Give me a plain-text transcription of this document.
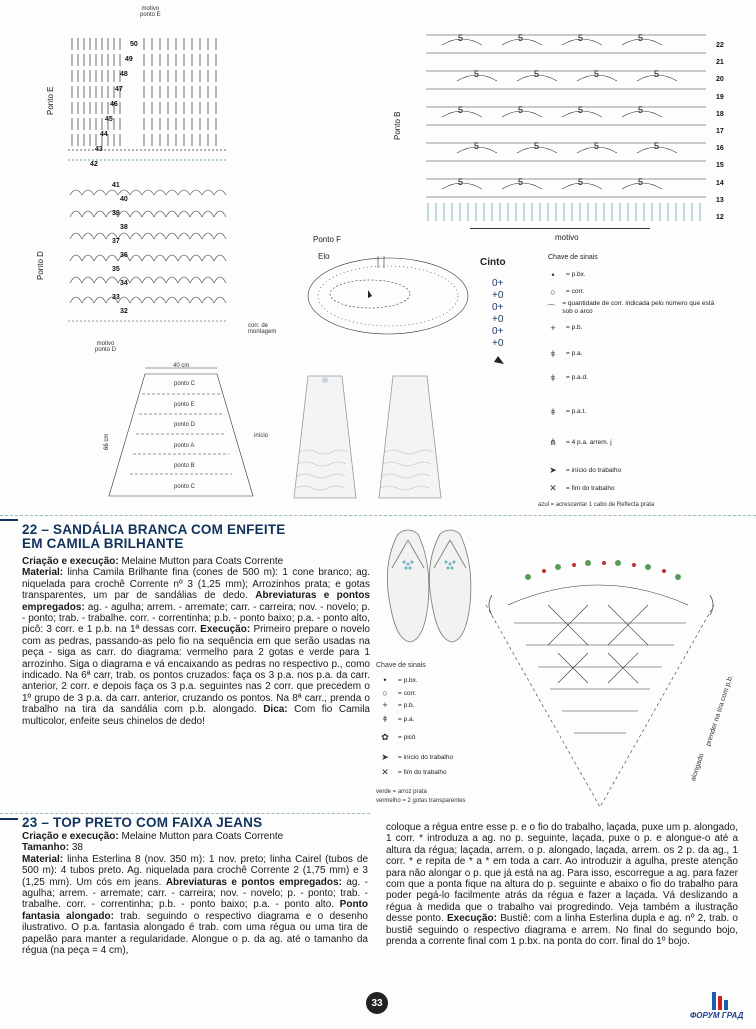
motivo
ponto E
Ponto E
50
49
48
47
46
45
44
43
42
Ponto D
41
40
39
38
37
36
35
34
33
32
corr. de
montagem
motivo
ponto D
5	5	5	5
5	5	5	5
5	5	5	5
5	5	5	5
5	5	5	5
Ponto B
22
21
20
19
18
17
16
15
14
13
12
motivo
Ponto F
Elo
Cinto
0+
+0
0+
+0
0+
+0
Chave de sinais
•	= p.bx.
○	= corr.
⌒	= quantidade de corr. indicada pelo número que está sob o arco
+	= p.b.
ǂ	= p.a.
ǂ	= p.a.d.
ǂ	= p.a.t.
⋔	= 4 p.a. arrem. j
➤	= início do trabalho
✕	= fim do trabalho
azul = acrescentar 1 cabo de Reflecta prata
40 cm
66 cm
ponto C
ponto E
ponto D
ponto A
ponto B
ponto C
início
22 – SANDÁLIA BRANCA COM ENFEITE
EM CAMILA BRILHANTE
Criação e execução: Melaine Mutton para Coats Corrente
Material: linha Camila Brilhante fina (cones de 500 m): 1 cone branco; ag. niquelada para crochê Corrente nº 3 (1,25 mm); Arrozinhos prata; e gotas transparentes, um par de sandálias de dedo. Abreviaturas e pontos empregados: ag. - agulha; arrem. - arremate; carr. - carreira; nov. - novelo; p. - ponto; trab. - trabalhe. corr. - correntinha; p.b. - ponto baixo; p.a. - ponto alto, picô: 3 corr. e 1 p.b. na 1ª dessas corr. Execução: Primeiro prepare o novelo com as pedras, passando-as pelo fio na sequência em que serão usadas na peça - siga as carr. do diagrama: vermelho para 2 gotas e verde para 1 arrozinho. Siga o diagrama e vá encaixando as pedras no respectivo p., como indicado. Na 6ª carr, trab. os pontos cruzados: faça os 3 p.a. nos p.a. da carr. anterior, 2 corr. e depois faça os 3 p.a. seguintes nas 2 corr. que precedem o 1º grupo de 3 p.a. da carr. anterior, cruzando os pontos. Na 8ª carr., prenda o trabalho na tira da sandália com p.b. alongado. Dica: Com fio Camila multicolor, enfeite seus chinelos de dedo!
Chave de sinais
•	= p.bx.
○	= corr.
+	= p.b.
ǂ	= p.a.
✿	= picô
➤	= início do trabalho
✕	= fim do trabalho
verde = arroz prata
vermelho = 2 gotas transparentes
prender na tira com p.b.
alongado
23 – TOP PRETO COM FAIXA JEANS
Criação e execução: Melaine Mutton para Coats Corrente
Tamanho: 38
Material: linha Esterlina 8 (nov. 350 m): 1 nov. preto; linha Cairel (tubos de 500 m): 4 tubos preto. Ag. niquelada para crochê Corrente 2 (1,75 mm) e 3 (1,25 mm). Um cós em jeans. Abreviaturas e pontos empregados: ag. - agulha; arrem. - arremate; carr. - carreira; nov. - novelo; p. - ponto; trab. - trabalhe. corr. - correntinha; p.b. - ponto baixo; p.a. - ponto alto. Ponto fantasia alongado: trab. seguindo o respectivo diagrama e o desenho ilustrativo. O p.a. fantasia alongado é trab. com uma régua ou uma tira de papelão para manter a regularidade. Alongue o p. da ag. até o tamanho da régua (na peça = 4 cm),
coloque a régua entre esse p. e o fio do trabalho, laçada, puxe um p. alongado, 1 corr. * introduza a ag. no p. seguinte, laçada, puxe o p. e alongue-o até a altura da régua; laçada, arrem. o p. alongado, laçada, arrem. os 2 p. da ag., 1 corr. * e repita de * a * em toda a carr. Ao introduzir a agulha, preste atenção para não alongar o p. que já está na ag. Para isso, escorregue a ag. para fazer com que a ponta fique na altura do p. seguinte e abaixo o fio do trabalho para poder pegá-lo facilmente atrás da régua e fazer a laçada. Vá deslizando a régua à medida que o trabalho vai progredindo. Veja também a ilustração desse ponto. Execução: Bustiê: com a linha Esterlina dupla e ag. nº 2, trab. o bustiê seguindo o respectivo diagrama e arrem. No final do segundo bojo, prenda a corrente final com 1 p.bx. na ponta do corr. final do 1º bojo.
33
ФОРУМ ГРАД
